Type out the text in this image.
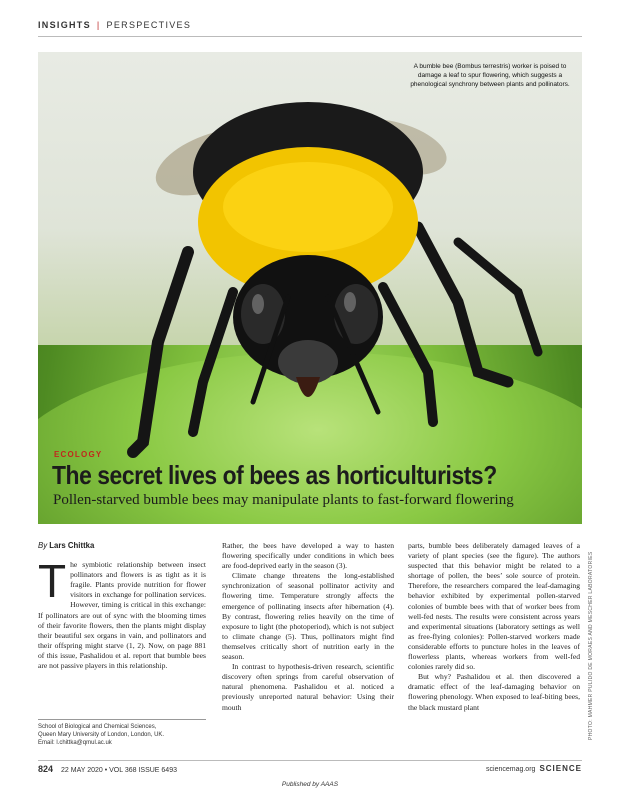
INSIGHTS | PERSPECTIVES
A bumble bee (Bombus terrestris) worker is poised to damage a leaf to spur flowering, which suggests a phenological synchrony between plants and pollinators.
ECOLOGY
The secret lives of bees as horticulturists?
Pollen-starved bumble bees may manipulate plants to fast-forward flowering
By Lars Chittka
T he symbiotic relationship between insect pollinators and flowers is as tight as it is fragile. Plants provide nutrition for flower visitors in exchange for pollination services. However, timing is critical in this exchange: If pollinators are out of sync with the blooming times of their favorite flowers, then the plants might display their beautiful sex organs in vain, and pollinators and their offspring might starve (1, 2). Now, on page 881 of this issue, Pashalidou et al. report that bumble bees are not passive players in this relationship.

Rather, the bees have developed a way to hasten flowering specifically under conditions in which bees are food-deprived early in the season (3).

Climate change threatens the long-established synchronization of seasonal pollinator activity and flowering time. Temperature strongly affects the emergence of pollinating insects after hibernation (4). By contrast, flowering relies heavily on the time of exposure to light (the photoperiod), which is not subject to climate change (5). Thus, pollinators might find themselves critically short of nutrition early in the season.

In contrast to hypothesis-driven research, scientific discovery often springs from careful observation of natural phenomena. Pashalidou et al. noticed a previously unreported natural behavior: Using their mouth

parts, bumble bees deliberately damaged leaves of a variety of plant species (see the figure). The authors suspected that this behavior might be related to a shortage of pollen, the bees’ sole source of protein. Therefore, the researchers compared the leaf-damaging behavior exhibited by experimental pollen-starved colonies of bumble bees with that of worker bees from well-fed nests. The results were consistent across years and experimental situations (laboratory settings as well as free-flying colonies): Pollen-starved workers made considerable efforts to puncture holes in the leaves of flowerless plants, whereas workers from well-fed colonies rarely did so.

But why? Pashalidou et al. then discovered a dramatic effect of the leaf-damaging behavior on flowering phenology. When exposed to leaf-biting bees, the black mustard plant

School of Biological and Chemical Sciences,
Queen Mary University of London, London, UK.
Email: l.chittka@qmul.ac.uk
PHOTO: MAHMER PULIDO DE MORAES AND MESCHER LABORATORIES
824 22 MAY 2020 • VOL 368 ISSUE 6493	sciencemag.org SCIENCE
Published by AAAS
